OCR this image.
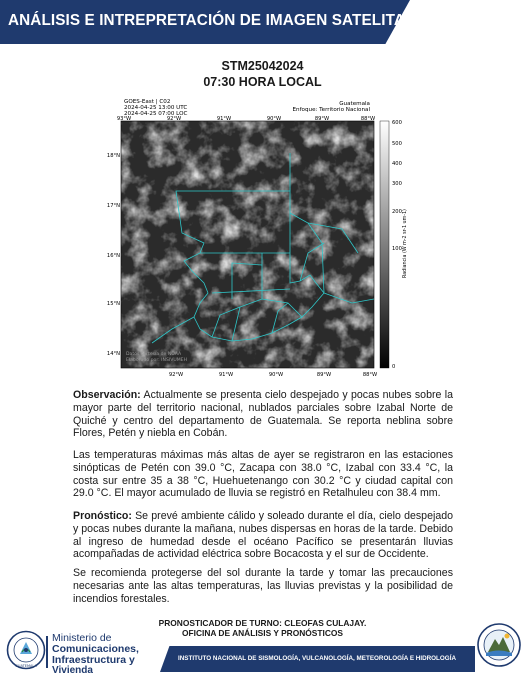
ANÁLISIS E INTREPRETACIÓN DE IMAGEN SATELITAL
STM25042024
07:30 HORA LOCAL
GOES-East | C02
2024-04-25 13:00 UTC
2024-04-25 07:00 LOC
Guatemala
Enfoque: Territorio Nacional
Datos cortesía de NOAA
Elaborado por: INSIVUMEH
93°W	92°W	91°W	90°W	89°W	88°W
92°W	91°W	90°W	89°W	88°W
18°N
17°N
16°N
15°N
14°N
600
500
400
300
200
100
0
Radiancia (W m-2 sr-1 um-1)

Observación: Actualmente se presenta cielo despejado y pocas nubes sobre la mayor parte del territorio nacional, nublados parciales sobre Izabal Norte de Quiché y centro del departamento de Guatemala. Se reporta neblina sobre Flores, Petén y niebla en Cobán.

Las temperaturas máximas más altas de ayer se registraron en las estaciones sinópticas de Petén con 39.0 °C, Zacapa con 38.0 °C, Izabal con 33.4 °C, la costa sur entre 35 a 38 °C, Huehuetenango con 30.2 °C y ciudad capital con 29.0 °C. El mayor acumulado de lluvia se registró en Retalhuleu con 38.4 mm.

Pronóstico: Se prevé ambiente cálido y soleado durante el día, cielo despejado y pocas nubes durante la mañana, nubes dispersas en horas de la tarde. Debido al ingreso de humedad desde el océano Pacífico se presentarán lluvias acompañadas de actividad eléctrica sobre Bocacosta y el sur de Occidente.

Se recomienda protegerse del sol durante la tarde y tomar las precauciones necesarias ante las altas temperaturas, las lluvias previstas y la posibilidad de incendios forestales.

PRONOSTICADOR DE TURNO: CLEOFAS CULAJAY.
OFICINA DE ANÁLISIS Y PRONÓSTICOS
GUATEMALA
Ministerio de
Comunicaciones,
Infraestructura y
Vivienda
INSTITUTO NACIONAL DE SISMOLOGÍA, VULCANOLOGÍA, METEOROLOGÍA E HIDROLOGÍA
